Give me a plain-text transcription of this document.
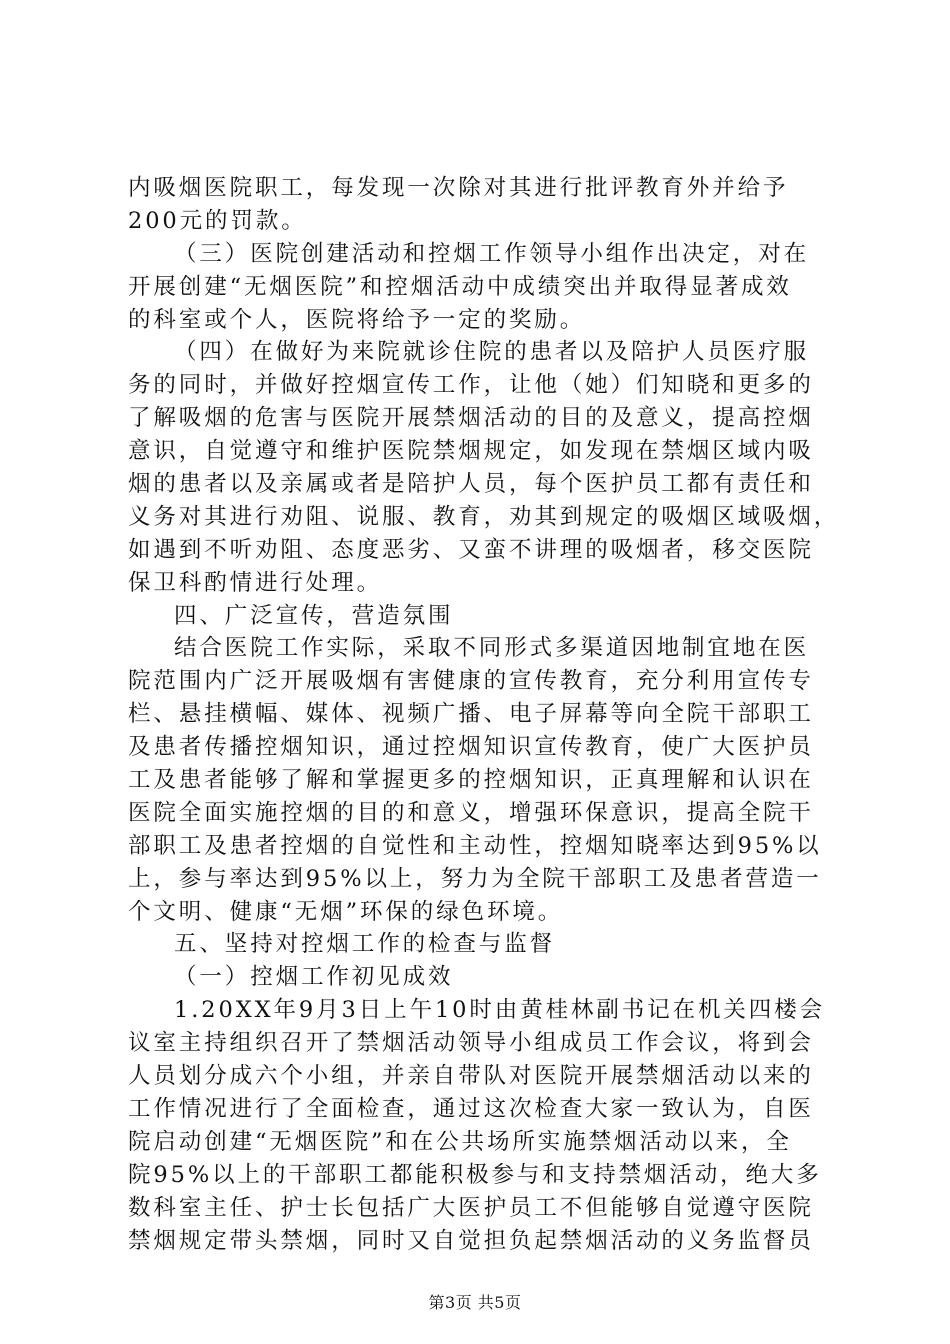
内吸烟医院职工，每发现一次除对其进行批评教育外并给予
200元的罚款。
（三）医院创建活动和控烟工作领导小组作出决定，对在
开展创建“无烟医院”和控烟活动中成绩突出并取得显著成效
的科室或个人，医院将给予一定的奖励。
（四）在做好为来院就诊住院的患者以及陪护人员医疗服
务的同时，并做好控烟宣传工作，让他（她）们知晓和更多的
了解吸烟的危害与医院开展禁烟活动的目的及意义，提高控烟
意识，自觉遵守和维护医院禁烟规定，如发现在禁烟区域内吸
烟的患者以及亲属或者是陪护人员，每个医护员工都有责任和
义务对其进行劝阻、说服、教育，劝其到规定的吸烟区域吸烟，
如遇到不听劝阻、态度恶劣、又蛮不讲理的吸烟者，移交医院
保卫科酌情进行处理。
四、广泛宣传，营造氛围
结合医院工作实际，采取不同形式多渠道因地制宜地在医
院范围内广泛开展吸烟有害健康的宣传教育，充分利用宣传专
栏、悬挂横幅、媒体、视频广播、电子屏幕等向全院干部职工
及患者传播控烟知识，通过控烟知识宣传教育，使广大医护员
工及患者能够了解和掌握更多的控烟知识，正真理解和认识在
医院全面实施控烟的目的和意义，增强环保意识，提高全院干
部职工及患者控烟的自觉性和主动性，控烟知晓率达到95%以
上，参与率达到95%以上，努力为全院干部职工及患者营造一
个文明、健康“无烟”环保的绿色环境。
五、坚持对控烟工作的检查与监督
（一）控烟工作初见成效
1.20XX年9月3日上午10时由黄桂林副书记在机关四楼会
议室主持组织召开了禁烟活动领导小组成员工作会议，将到会
人员划分成六个小组，并亲自带队对医院开展禁烟活动以来的
工作情况进行了全面检查，通过这次检查大家一致认为，自医
院启动创建“无烟医院”和在公共场所实施禁烟活动以来，全
院95%以上的干部职工都能积极参与和支持禁烟活动，绝大多
数科室主任、护士长包括广大医护员工不但能够自觉遵守医院
禁烟规定带头禁烟，同时又自觉担负起禁烟活动的义务监督员
第3页 共5页
